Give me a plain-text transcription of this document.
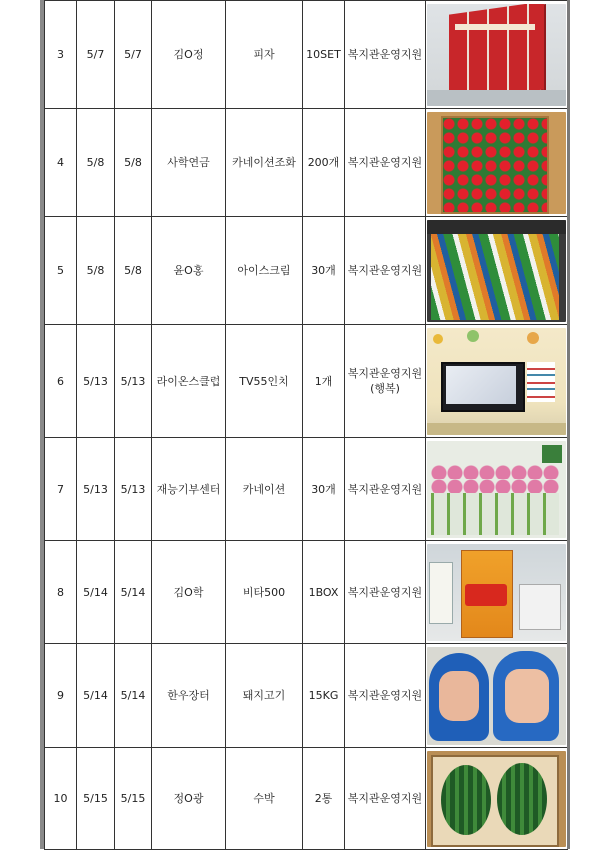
3	5/7	5/7	김O정	피자	10SET	복지관운영지원	

4	5/8	5/8	사학연금	카네이션조화	200개	복지관운영지원	

5	5/8	5/8	윤O홍	아이스크림	30개	복지관운영지원	

6	5/13	5/13	라이온스클럽	TV55인치	1개	복지관운영지원
(행복)	

7	5/13	5/13	재능기부센터	카네이션	30개	복지관운영지원	

8	5/14	5/14	김O학	비타500	1BOX	복지관운영지원	

9	5/14	5/14	한우장터	돼지고기	15KG	복지관운영지원	

10	5/15	5/15	정O광	수박	2통	복지관운영지원	
